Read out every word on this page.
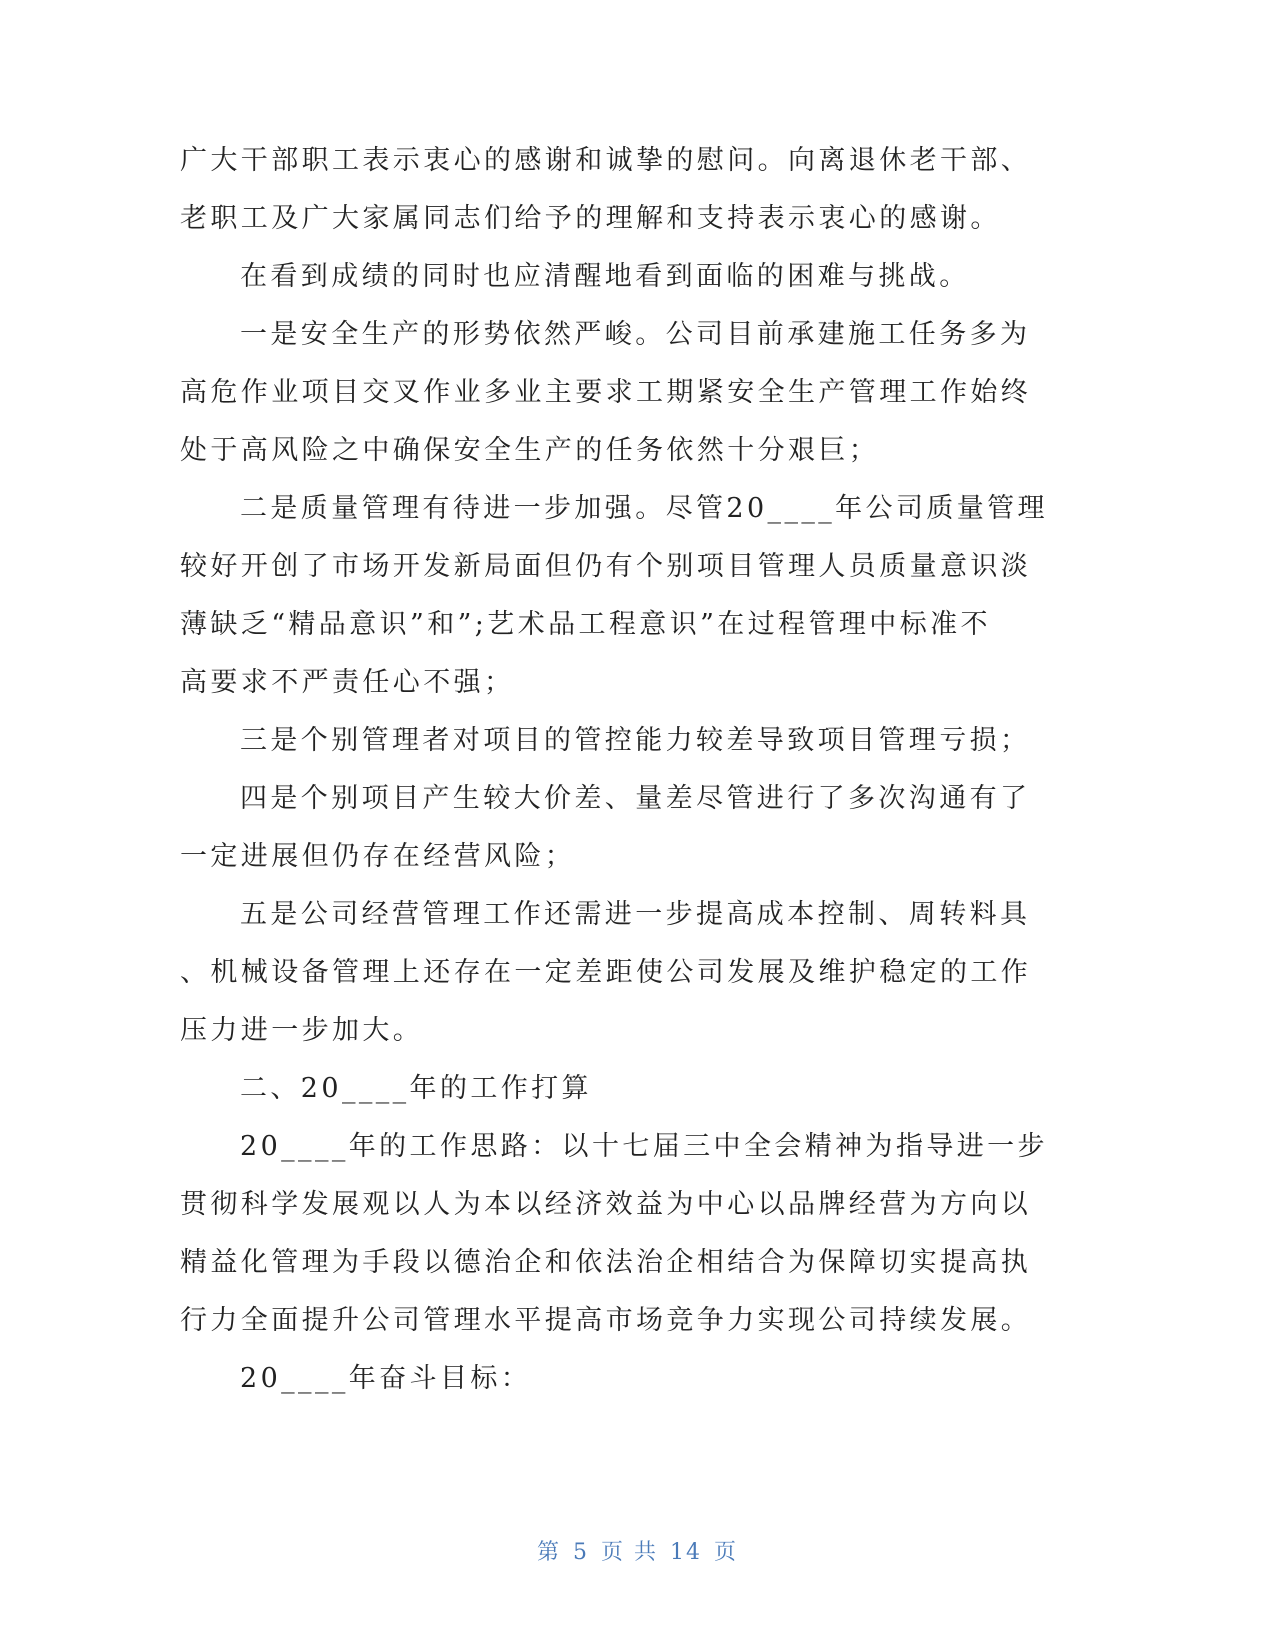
广大干部职工表示衷心的感谢和诚挚的慰问。向离退休老干部、

老职工及广大家属同志们给予的理解和支持表示衷心的感谢。

在看到成绩的同时也应清醒地看到面临的困难与挑战。

一是安全生产的形势依然严峻。公司目前承建施工任务多为

高危作业项目交叉作业多业主要求工期紧安全生产管理工作始终

处于高风险之中确保安全生产的任务依然十分艰巨；

二是质量管理有待进一步加强。尽管20____年公司质量管理

较好开创了市场开发新局面但仍有个别项目管理人员质量意识淡

薄缺乏“精品意识”和”;艺术品工程意识”在过程管理中标准不

高要求不严责任心不强；

三是个别管理者对项目的管控能力较差导致项目管理亏损；

四是个别项目产生较大价差、量差尽管进行了多次沟通有了

一定进展但仍存在经营风险；

五是公司经营管理工作还需进一步提高成本控制、周转料具

、机械设备管理上还存在一定差距使公司发展及维护稳定的工作

压力进一步加大。

二、20____年的工作打算

20____年的工作思路：以十七届三中全会精神为指导进一步

贯彻科学发展观以人为本以经济效益为中心以品牌经营为方向以

精益化管理为手段以德治企和依法治企相结合为保障切实提高执

行力全面提升公司管理水平提高市场竞争力实现公司持续发展。

20____年奋斗目标：

第 5 页 共 14 页
